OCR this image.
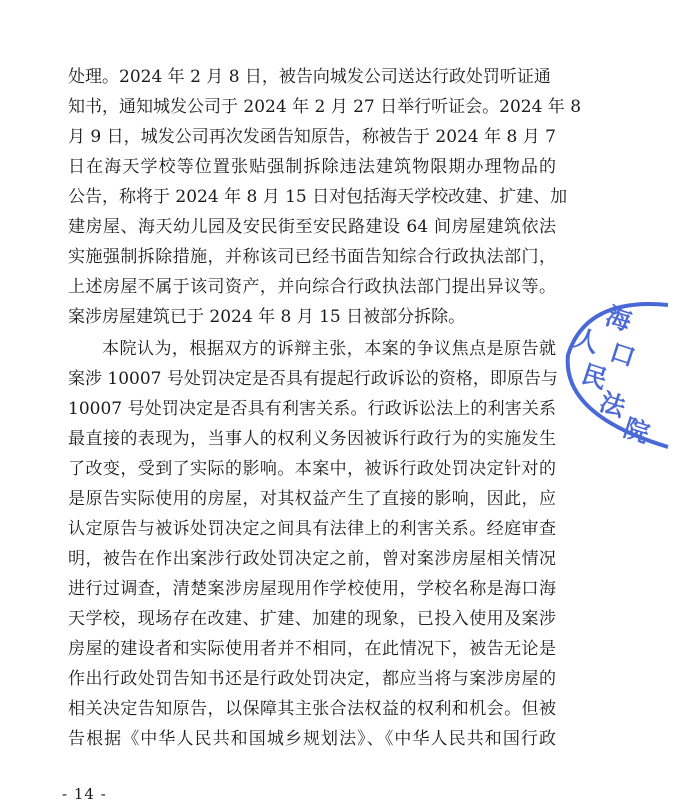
处理。2024 年 2 月 8 日，被告向城发公司送达行政处罚听证通
知书，通知城发公司于 2024 年 2 月 27 日举行听证会。2024 年 8
月 9 日，城发公司再次发函告知原告，称被告于 2024 年 8 月 7
日在海天学校等位置张贴强制拆除违法建筑物限期办理物品的
公告，称将于 2024 年 8 月 15 日对包括海天学校改建、扩建、加
建房屋、海天幼儿园及安民街至安民路建设 64 间房屋建筑依法
实施强制拆除措施，并称该司已经书面告知综合行政执法部门，
上述房屋不属于该司资产，并向综合行政执法部门提出异议等。
案涉房屋建筑已于 2024 年 8 月 15 日被部分拆除。
本院认为，根据双方的诉辩主张，本案的争议焦点是原告就
案涉 10007 号处罚决定是否具有提起行政诉讼的资格，即原告与
10007 号处罚决定是否具有利害关系。行政诉讼法上的利害关系
最直接的表现为，当事人的权利义务因被诉行政行为的实施发生
了改变，受到了实际的影响。本案中，被诉行政处罚决定针对的
是原告实际使用的房屋，对其权益产生了直接的影响，因此，应
认定原告与被诉处罚决定之间具有法律上的利害关系。经庭审查
明，被告在作出案涉行政处罚决定之前，曾对案涉房屋相关情况
进行过调查，清楚案涉房屋现用作学校使用，学校名称是海口海
天学校，现场存在改建、扩建、加建的现象，已投入使用及案涉
房屋的建设者和实际使用者并不相同，在此情况下，被告无论是
作出行政处罚告知书还是行政处罚决定，都应当将与案涉房屋的
相关决定告知原告，以保障其主张合法权益的权利和机会。但被
告根据《中华人民共和国城乡规划法》、《中华人民共和国行政
- 14 -
海
口
人
民
法
院
